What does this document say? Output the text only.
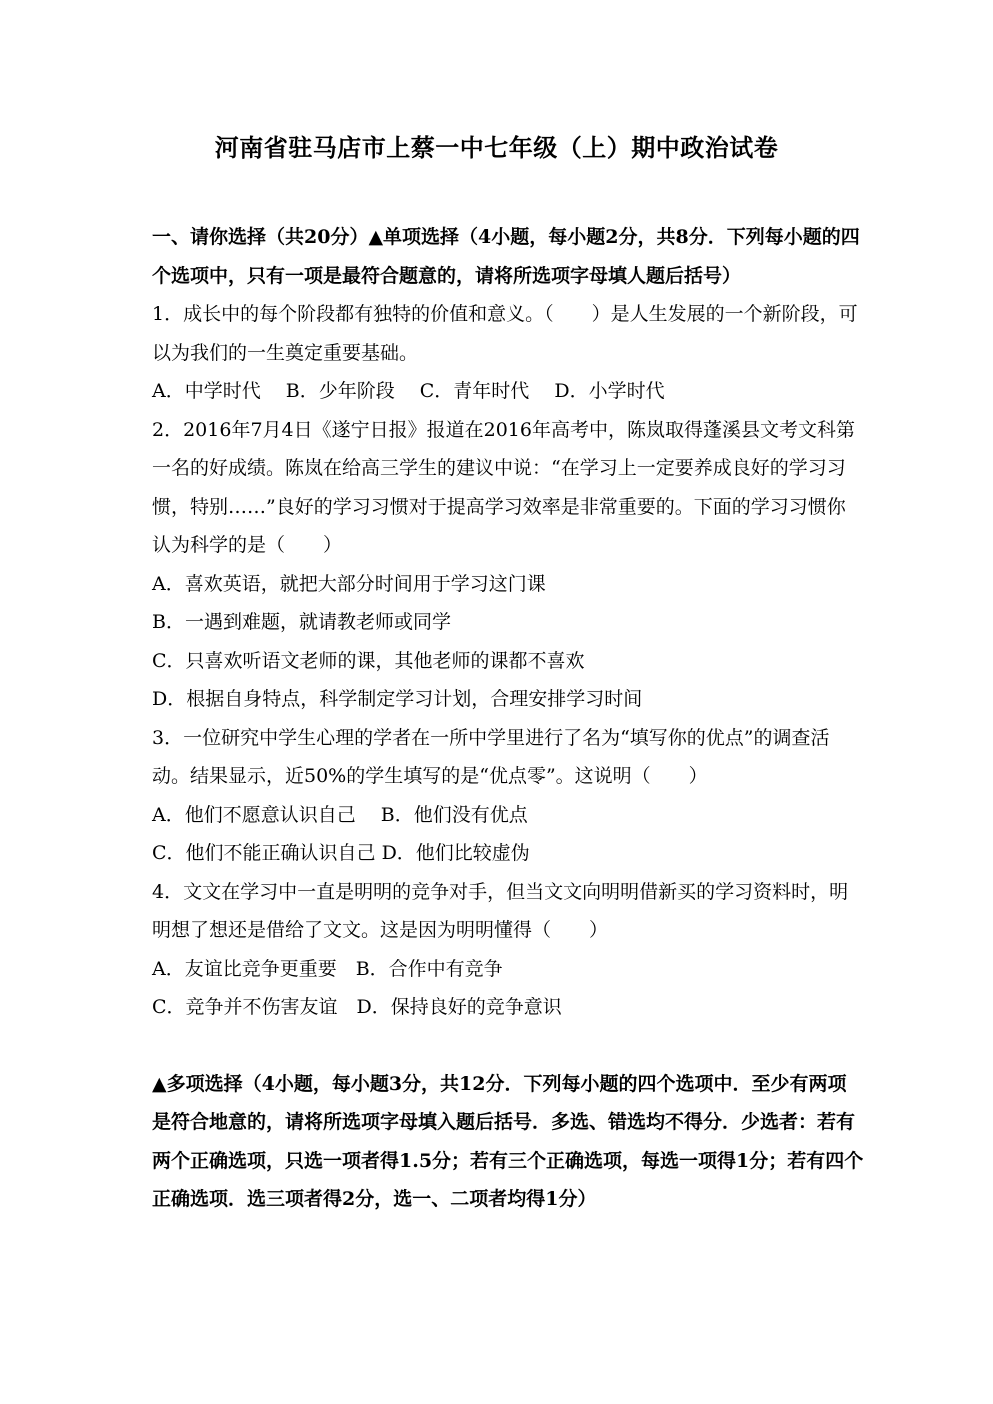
河南省驻马店市上蔡一中七年级（上）期中政治试卷
一、请你选择（共20分）▲单项选择（4小题，每小题2分，共8分．下列每小题的四个选项中，只有一项是最符合题意的，请将所选项字母填人题后括号）
1．成长中的每个阶段都有独特的价值和意义。（　　）是人生发展的一个新阶段，可以为我们的一生奠定重要基础。
A．中学时代　 B．少年阶段　 C．青年时代　 D．小学时代
2．2016年7月4日《遂宁日报》报道在2016年高考中，陈岚取得蓬溪县文考文科第一名的好成绩。陈岚在给高三学生的建议中说：“在学习上一定要养成良好的学习习惯，特别……”良好的学习习惯对于提高学习效率是非常重要的。下面的学习习惯你认为科学的是（　　）
A．喜欢英语，就把大部分时间用于学习这门课
B．一遇到难题，就请教老师或同学
C．只喜欢听语文老师的课，其他老师的课都不喜欢
D．根据自身特点，科学制定学习计划，合理安排学习时间
3．一位研究中学生心理的学者在一所中学里进行了名为“填写你的优点”的调查活动。结果显示，近50%的学生填写的是“优点零”。这说明（　　）
A．他们不愿意认识自己　 B．他们没有优点
C．他们不能正确认识自己 D．他们比较虚伪
4．文文在学习中一直是明明的竞争对手，但当文文向明明借新买的学习资料时，明明想了想还是借给了文文。这是因为明明懂得（　　）
A．友谊比竞争更重要　B．合作中有竞争
C．竞争并不伤害友谊　D．保持良好的竞争意识
▲多项选择（4小题，每小题3分，共12分．下列每小题的四个选项中．至少有两项是符合地意的，请将所选项字母填入题后括号．多选、错选均不得分．少选者：若有两个正确选项，只选一项者得1.5分；若有三个正确选项，每选一项得1分；若有四个正确选项．选三项者得2分，选一、二项者均得1分）
